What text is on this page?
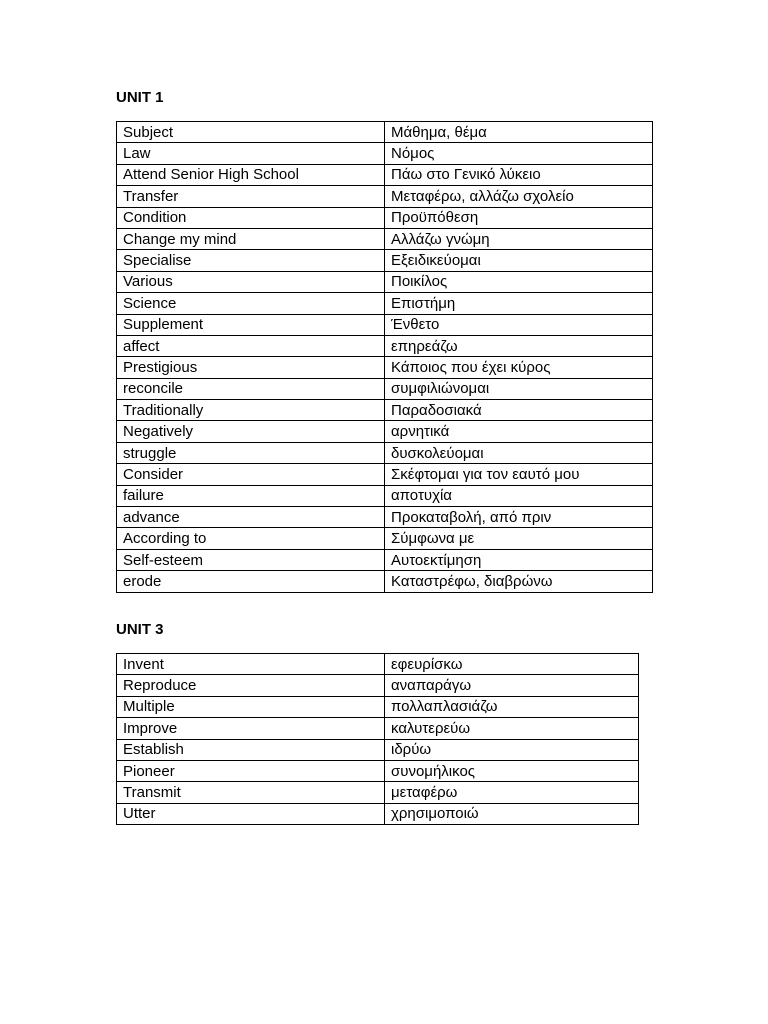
UNIT 1
Subject	Μάθημα, θέμα
Law	Νόμος
Attend Senior High School	Πάω στο Γενικό λύκειο
Transfer	Μεταφέρω, αλλάζω σχολείο
Condition	Προϋπόθεση
Change my mind	Αλλάζω γνώμη
Specialise	Εξειδικεύομαι
Various	Ποικίλος
Science	Επιστήμη
Supplement	Ένθετο
affect	επηρεάζω
Prestigious	Κάποιος που έχει κύρος
reconcile	συμφιλιώνομαι
Traditionally	Παραδοσιακά
Negatively	αρνητικά
struggle	δυσκολεύομαι
Consider	Σκέφτομαι για τον εαυτό μου
failure	αποτυχία
advance	Προκαταβολή, από πριν
According to	Σύμφωνα με
Self-esteem	Αυτοεκτίμηση
erode	Καταστρέφω, διαβρώνω
UNIT 3
Invent	εφευρίσκω
Reproduce	αναπαράγω
Multiple	πολλαπλασιάζω
Improve	καλυτερεύω
Establish	ιδρύω
Pioneer	συνομήλικος
Transmit	μεταφέρω
Utter	χρησιμοποιώ
